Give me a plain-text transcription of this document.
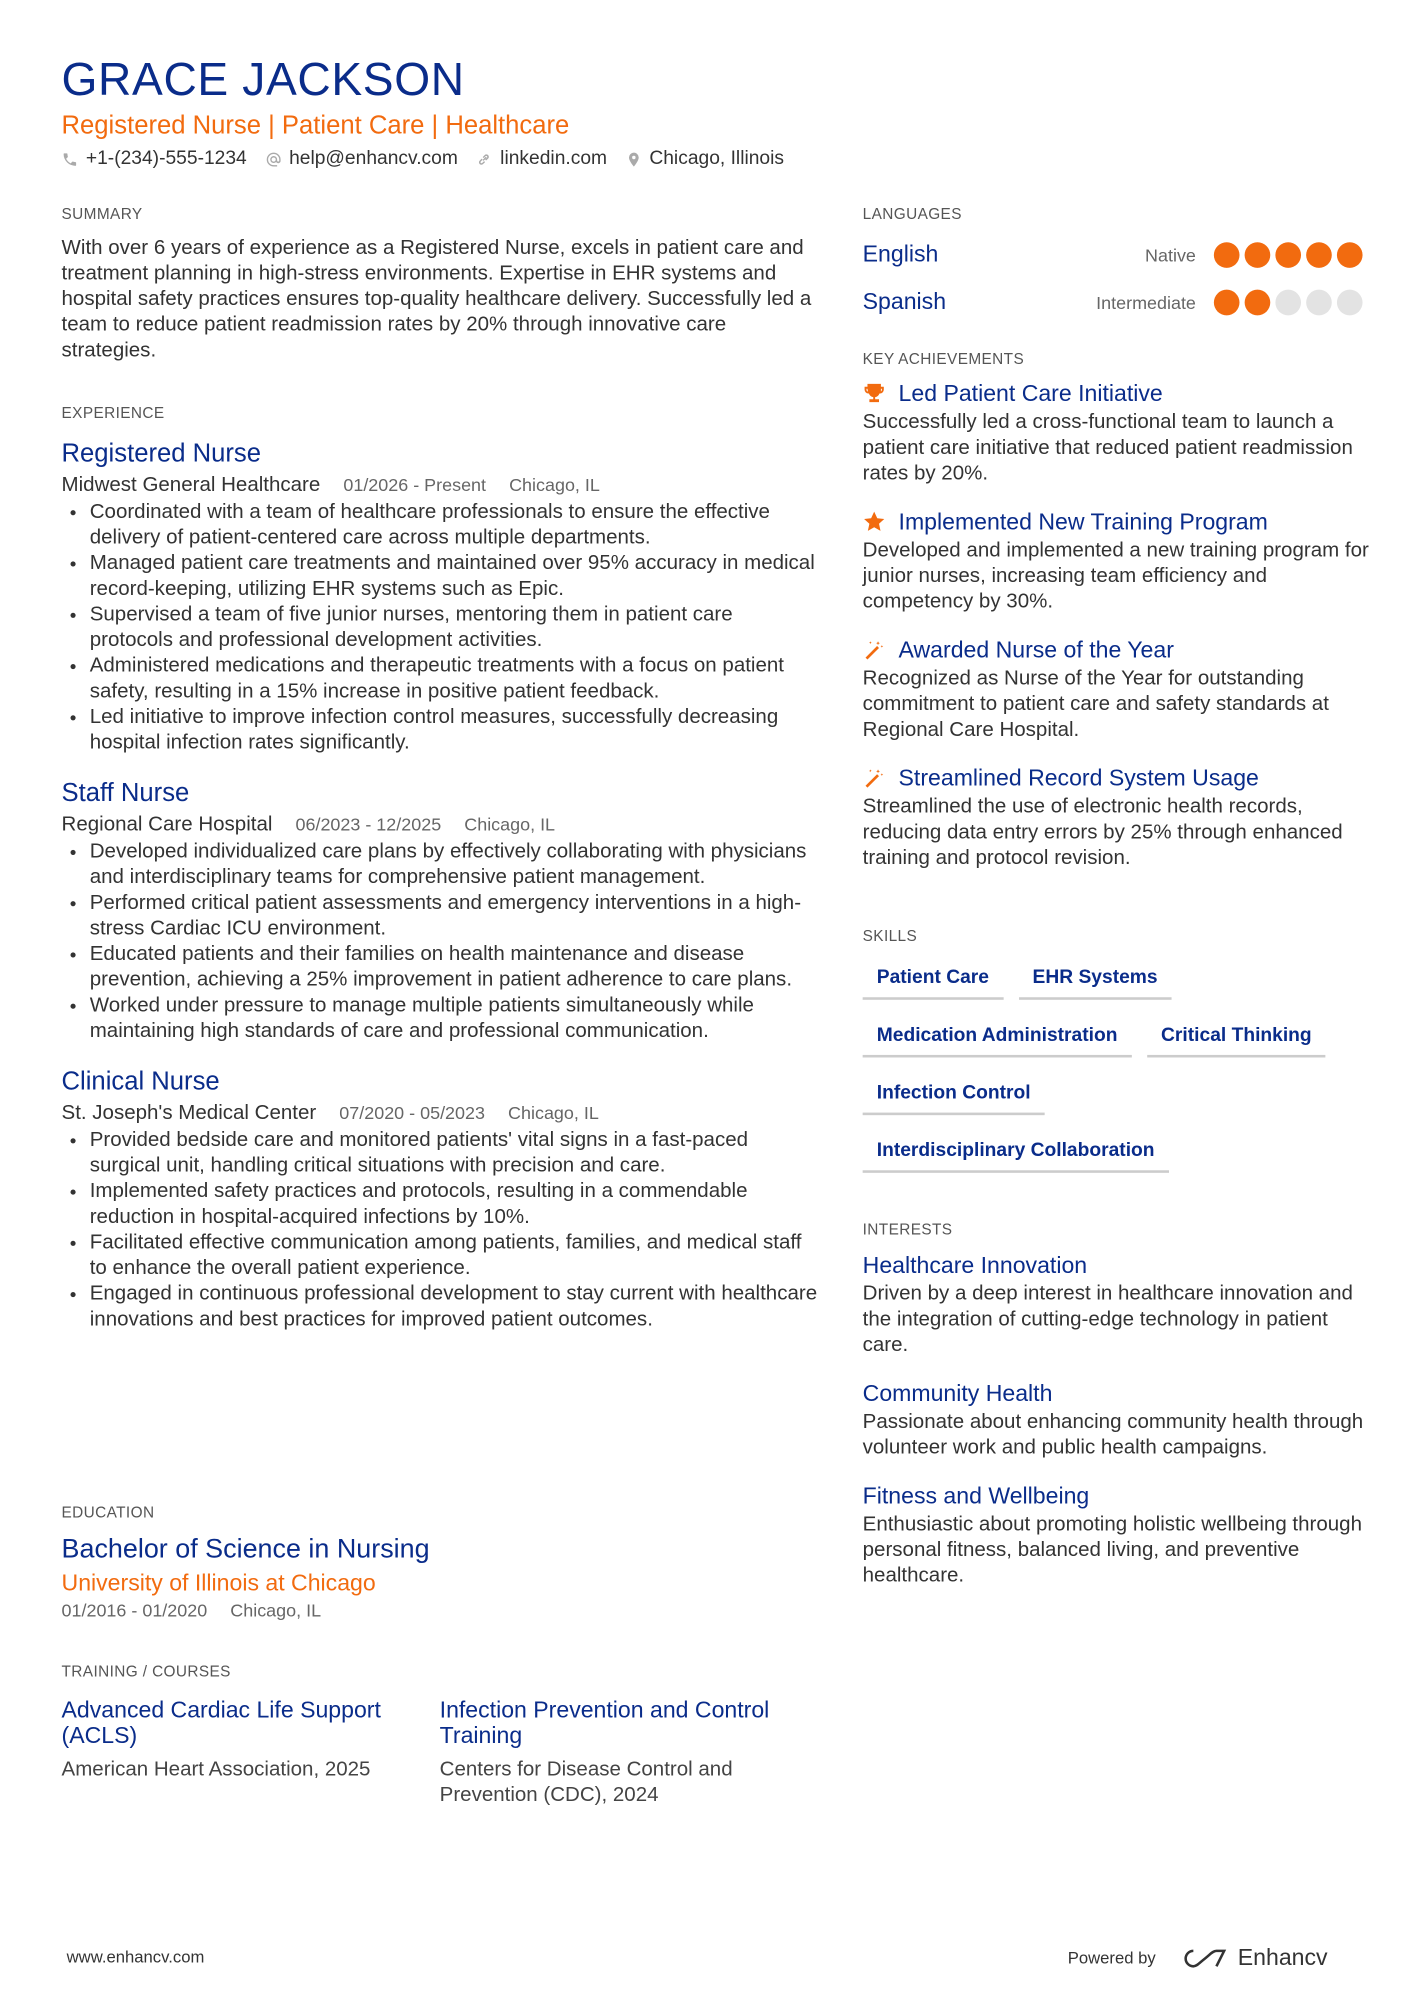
GRACE JACKSON
Registered Nurse | Patient Care | Healthcare
+1-(234)-555-1234	help@enhancv.com	linkedin.com	Chicago, Illinois
SUMMARY
With over 6 years of experience as a Registered Nurse, excels in patient care and treatment planning in high-stress environments. Expertise in EHR systems and hospital safety practices ensures top-quality healthcare delivery. Successfully led a team to reduce patient readmission rates by 20% through innovative care strategies.
EXPERIENCE
Registered Nurse
Midwest General Healthcare 01/2026 - Present Chicago, IL
• Coordinated with a team of healthcare professionals to ensure the effective delivery of patient-centered care across multiple departments.
• Managed patient care treatments and maintained over 95% accuracy in medical record-keeping, utilizing EHR systems such as Epic.
• Supervised a team of five junior nurses, mentoring them in patient care protocols and professional development activities.
• Administered medications and therapeutic treatments with a focus on patient safety, resulting in a 15% increase in positive patient feedback.
• Led initiative to improve infection control measures, successfully decreasing hospital infection rates significantly.
Staff Nurse
Regional Care Hospital 06/2023 - 12/2025 Chicago, IL
• Developed individualized care plans by effectively collaborating with physicians and interdisciplinary teams for comprehensive patient management.
• Performed critical patient assessments and emergency interventions in a high-stress Cardiac ICU environment.
• Educated patients and their families on health maintenance and disease prevention, achieving a 25% improvement in patient adherence to care plans.
• Worked under pressure to manage multiple patients simultaneously while maintaining high standards of care and professional communication.
Clinical Nurse
St. Joseph's Medical Center 07/2020 - 05/2023 Chicago, IL
• Provided bedside care and monitored patients' vital signs in a fast-paced surgical unit, handling critical situations with precision and care.
• Implemented safety practices and protocols, resulting in a commendable reduction in hospital-acquired infections by 10%.
• Facilitated effective communication among patients, families, and medical staff to enhance the overall patient experience.
• Engaged in continuous professional development to stay current with healthcare innovations and best practices for improved patient outcomes.
EDUCATION
Bachelor of Science in Nursing
University of Illinois at Chicago
01/2016 - 01/2020 Chicago, IL
TRAINING / COURSES
Advanced Cardiac Life Support (ACLS)
American Heart Association, 2025
Infection Prevention and Control Training
Centers for Disease Control and Prevention (CDC), 2024
LANGUAGES
English	Native
Spanish	Intermediate
KEY ACHIEVEMENTS
Led Patient Care Initiative
Successfully led a cross-functional team to launch a patient care initiative that reduced patient readmission rates by 20%.
Implemented New Training Program
Developed and implemented a new training program for junior nurses, increasing team efficiency and competency by 30%.
Awarded Nurse of the Year
Recognized as Nurse of the Year for outstanding commitment to patient care and safety standards at Regional Care Hospital.
Streamlined Record System Usage
Streamlined the use of electronic health records, reducing data entry errors by 25% through enhanced training and protocol revision.
SKILLS
Patient Care	EHR Systems
Medication Administration	Critical Thinking
Infection Control
Interdisciplinary Collaboration
INTERESTS
Healthcare Innovation
Driven by a deep interest in healthcare innovation and the integration of cutting-edge technology in patient care.
Community Health
Passionate about enhancing community health through volunteer work and public health campaigns.
Fitness and Wellbeing
Enthusiastic about promoting holistic wellbeing through personal fitness, balanced living, and preventive healthcare.
www.enhancv.com	Powered by	Enhancv
